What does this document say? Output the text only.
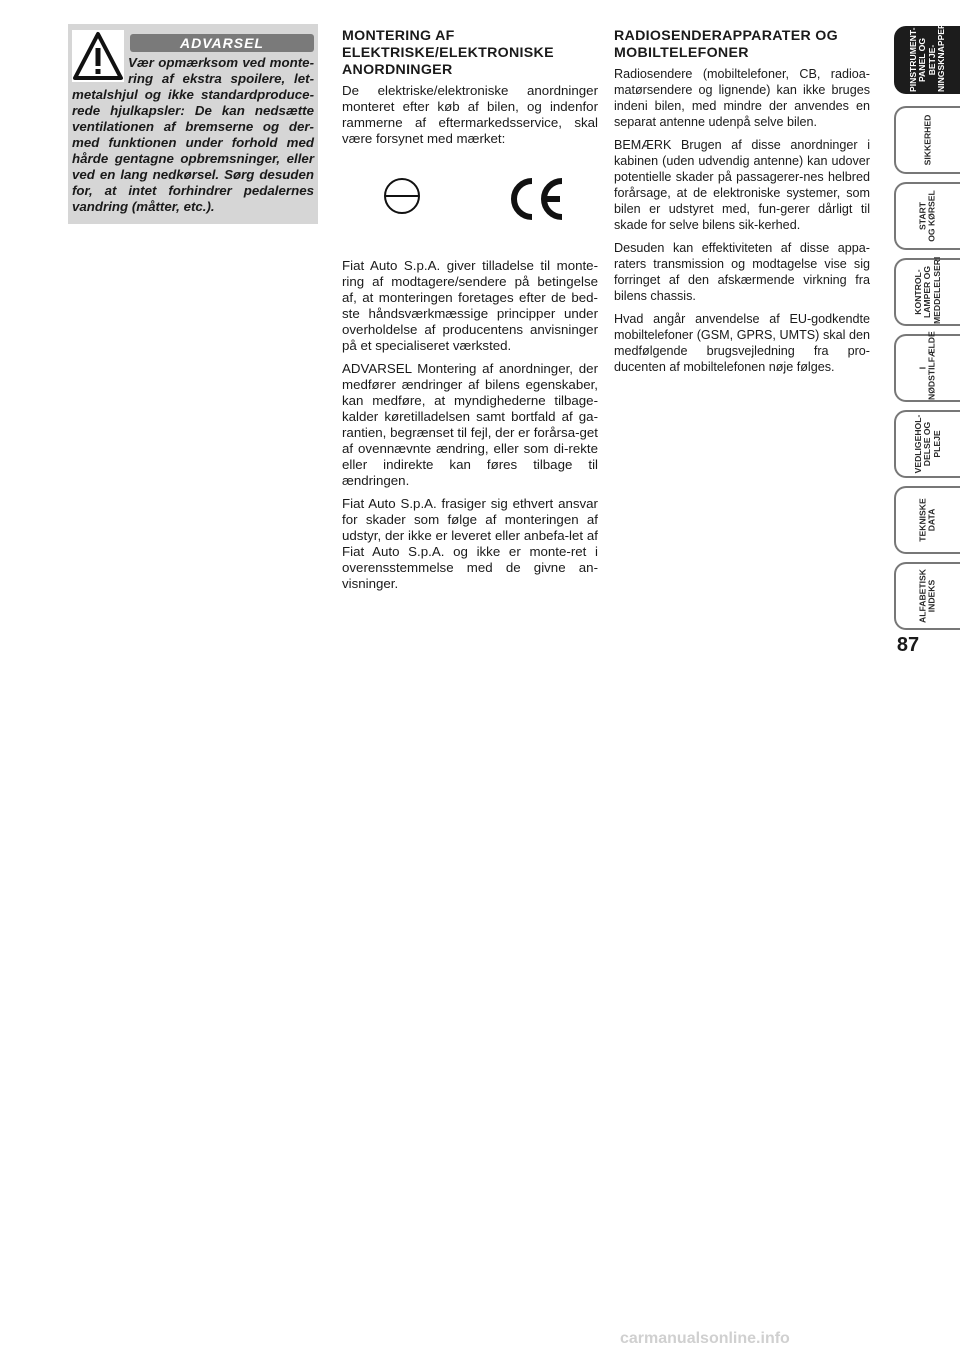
ADVARSEL
Vær opmærksom ved monte-ring af ekstra spoilere, let-metalshjul og ikke standardproduce-rede hjulkapsler: De kan nedsætte ventilationen af bremserne og der-med funktionen under forhold med hårde gentagne opbremsninger, eller ved en lang nedkørsel. Sørg desuden for, at intet forhindrer pedalernes vandring (måtter, etc.).
MONTERING AF ELEKTRISKE/ELEKTRONISKE ANORDNINGER

De elektriske/elektroniske anordninger monteret efter køb af bilen, og indenfor rammerne af eftermarkedsservice, skal være forsynet med mærket:

Fiat Auto S.p.A. giver tilladelse til monte-ring af modtagere/sendere på betingelse af, at monteringen foretages efter de bed-ste håndsværkmæssige principper under overholdelse af producentens anvisninger på et specialiseret værksted.

ADVARSEL Montering af anordninger, der medfører ændringer af bilens egenskaber, kan medføre, at myndighederne tilbage-kalder køretilladelsen samt bortfald af ga-rantien, begrænset til fejl, der er forårsa-get af ovennævnte ændring, eller som di-rekte eller indirekte kan føres tilbage til ændringen.

Fiat Auto S.p.A. frasiger sig ethvert ansvar for skader som følge af monteringen af udstyr, der ikke er leveret eller anbefa-let af Fiat Auto S.p.A. og ikke er monte-ret i overensstemmelse med de givne an-visninger.

RADIOSENDERAPPARATER OG MOBILTELEFONER

Radiosendere (mobiltelefoner, CB, radioa-matørsendere og lignende) kan ikke bruges indeni bilen, med mindre der anvendes en separat antenne udenpå selve bilen.

BEMÆRK Brugen af disse anordninger i kabinen (uden udvendig antenne) kan udover potentielle skader på passagerer-nes helbred forårsage, at de elektroniske systemer, som bilen er udstyret med, fun-gerer dårligt til skade for selve bilens sik-kerhed.

Desuden kan effektiviteten af disse appa-raters transmission og modtagelse vise sig forringet af den afskærmende virkning fra bilens chassis.

Hvad angår anvendelse af EU-godkendte mobiltelefoner (GSM, GPRS, UMTS) skal den medfølgende brugsvejledning fra pro-ducenten af mobiltelefonen nøje følges.

PINSTRUMENT-
PANEL OG BETJE-
NINGSKNAPPER
SIKKERHED
START
OG KØRSEL
KONTROL-
LAMPER OG
MEDDELELSERI
I
NØDSTILFÆLDE
VEDLIGEHOL-
DELSE OG
PLEJE
TEKNISKE
DATA
ALFABETISK
INDEKS
87
carmanualsonline.info
